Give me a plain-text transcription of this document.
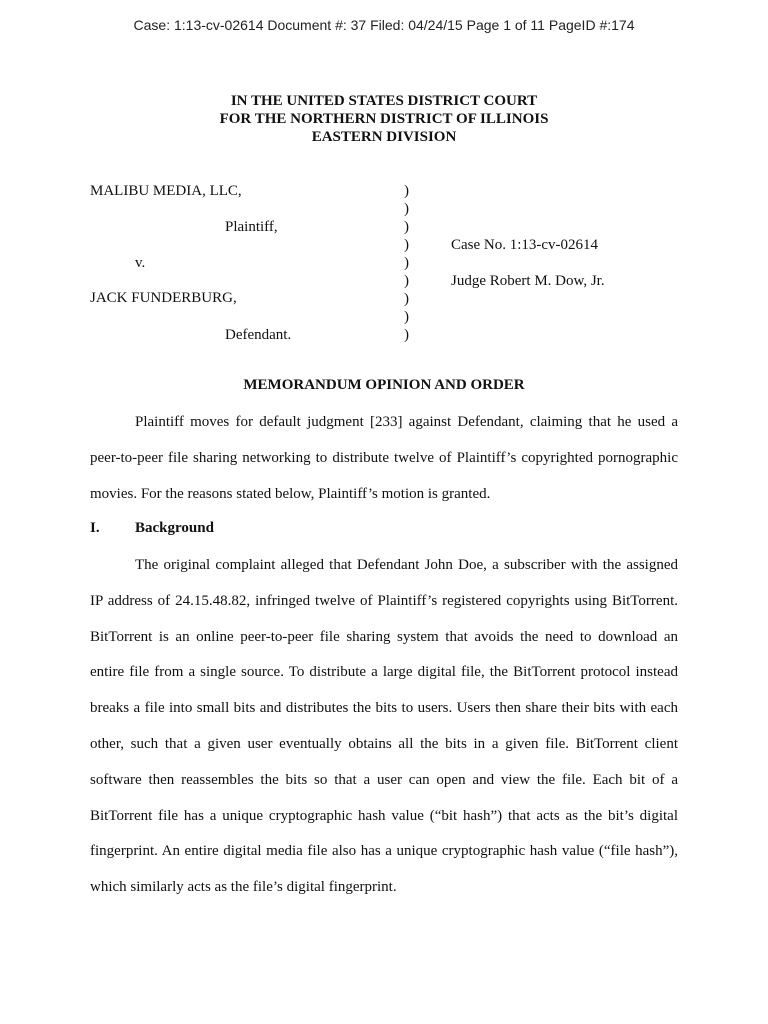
Case: 1:13-cv-02614 Document #: 37 Filed: 04/24/15 Page 1 of 11 PageID #:174
IN THE UNITED STATES DISTRICT COURT
FOR THE NORTHERN DISTRICT OF ILLINOIS
EASTERN DIVISION
MALIBU MEDIA, LLC,
Plaintiff,
v.
JACK FUNDERBURG,
Defendant.
)
)
)
)
)
)
)
)
)
Case No. 1:13-cv-02614
Judge Robert M. Dow, Jr.
MEMORANDUM OPINION AND ORDER
Plaintiff moves for default judgment [233] against Defendant, claiming that he used a
peer-to-peer file sharing networking to distribute twelve of Plaintiff’s copyrighted pornographic
movies. For the reasons stated below, Plaintiff’s motion is granted.
I. Background
The original complaint alleged that Defendant John Doe, a subscriber with the assigned
IP address of 24.15.48.82, infringed twelve of Plaintiff’s registered copyrights using BitTorrent.
BitTorrent is an online peer-to-peer file sharing system that avoids the need to download an
entire file from a single source. To distribute a large digital file, the BitTorrent protocol instead
breaks a file into small bits and distributes the bits to users. Users then share their bits with each
other, such that a given user eventually obtains all the bits in a given file. BitTorrent client
software then reassembles the bits so that a user can open and view the file. Each bit of a
BitTorrent file has a unique cryptographic hash value (“bit hash”) that acts as the bit’s digital
fingerprint. An entire digital media file also has a unique cryptographic hash value (“file hash”),
which similarly acts as the file’s digital fingerprint.
